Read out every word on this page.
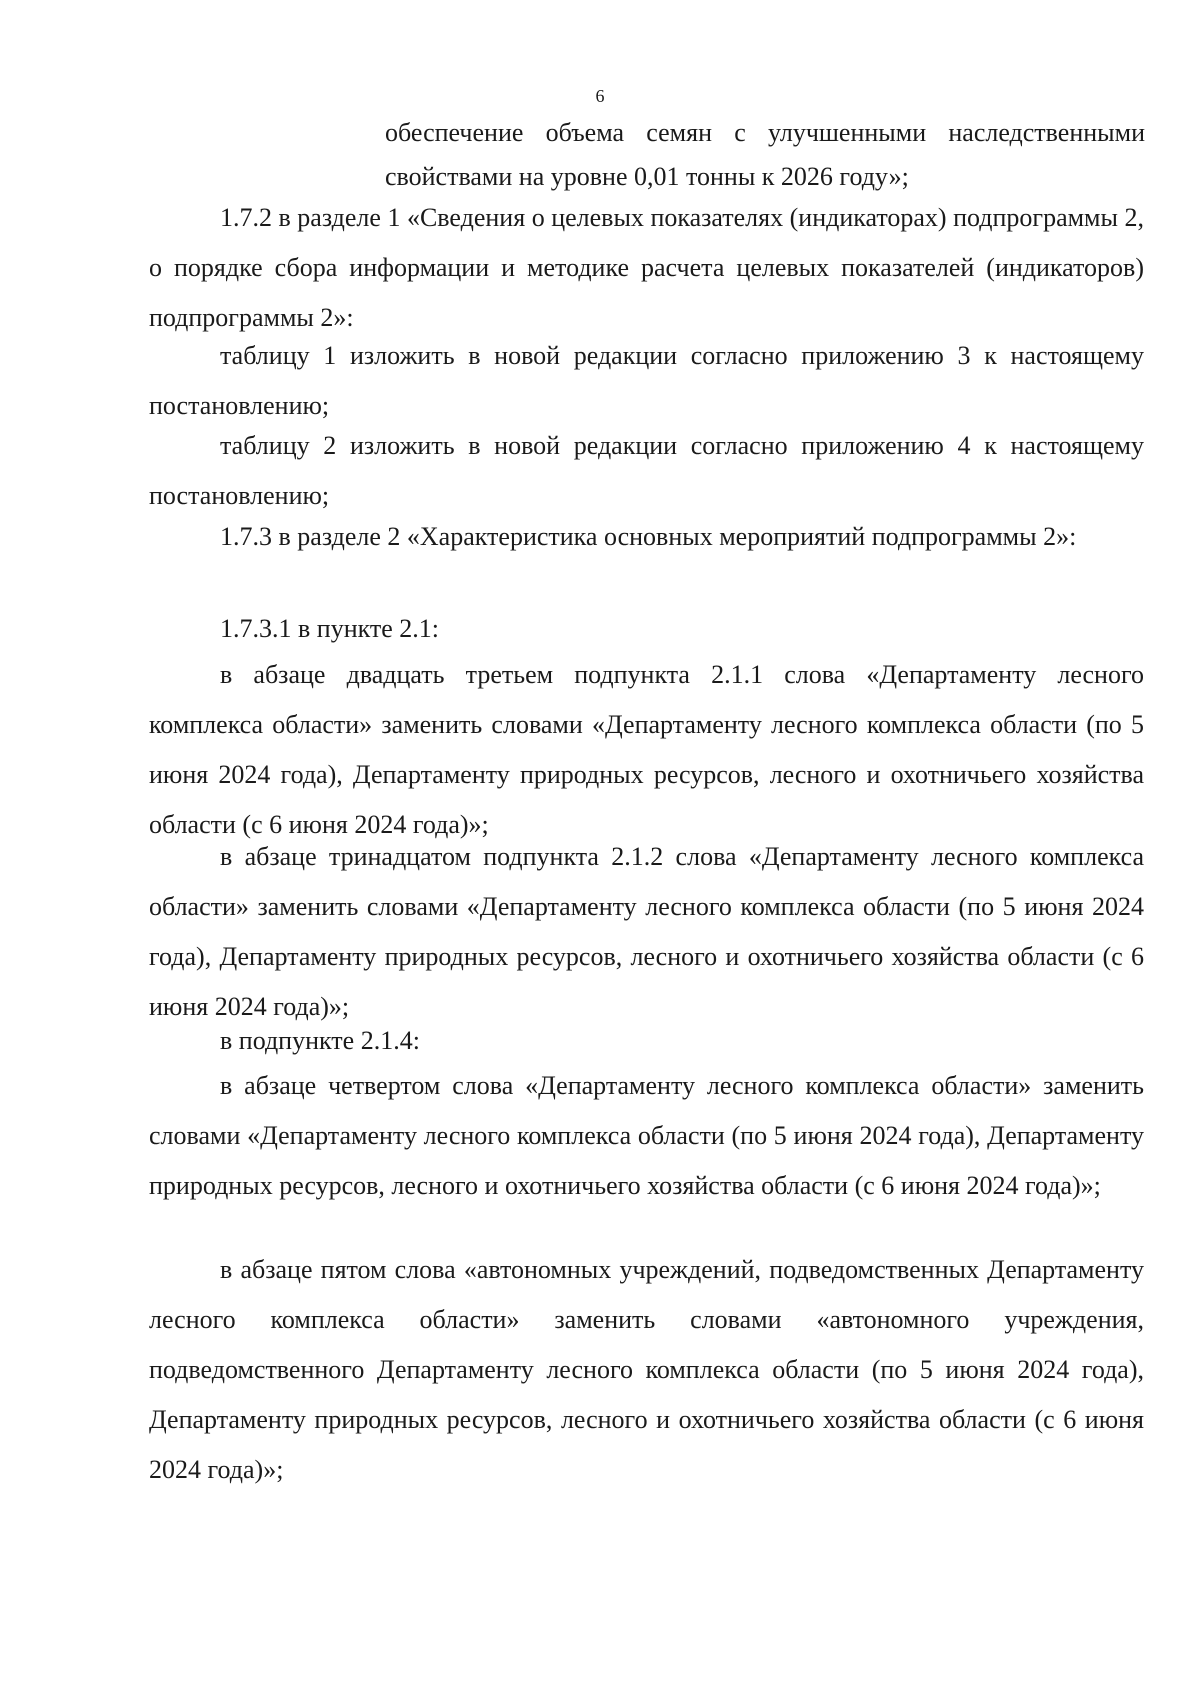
6

обеспечение объема семян с улучшенными наследственными свойствами на уровне 0,01 тонны к 2026 году»;

1.7.2 в разделе 1 «Сведения о целевых показателях (индикаторах) подпрограммы 2, о порядке сбора информации и методике расчета целевых показателей (индикаторов) подпрограммы 2»:

таблицу 1 изложить в новой редакции согласно приложению 3 к настоящему постановлению;

таблицу 2 изложить в новой редакции согласно приложению 4 к настоящему постановлению;

1.7.3 в разделе 2 «Характеристика основных мероприятий подпрограммы 2»:

1.7.3.1 в пункте 2.1:

в абзаце двадцать третьем подпункта 2.1.1 слова «Департаменту лесного комплекса области» заменить словами «Департаменту лесного комплекса области (по 5 июня 2024 года), Департаменту природных ресурсов, лесного и охотничьего хозяйства области (с 6 июня 2024 года)»;

в абзаце тринадцатом подпункта 2.1.2 слова «Департаменту лесного комплекса области» заменить словами «Департаменту лесного комплекса области (по 5 июня 2024 года), Департаменту природных ресурсов, лесного и охотничьего хозяйства области (с 6 июня 2024 года)»;

в подпункте 2.1.4:

в абзаце четвертом слова «Департаменту лесного комплекса области» заменить словами «Департаменту лесного комплекса области (по 5 июня 2024 года), Департаменту природных ресурсов, лесного и охотничьего хозяйства области (с 6 июня 2024 года)»;

в абзаце пятом слова «автономных учреждений, подведомственных Департаменту лесного комплекса области» заменить словами «автономного учреждения, подведомственного Департаменту лесного комплекса области (по 5 июня 2024 года), Департаменту природных ресурсов, лесного и охотничьего хозяйства области (с 6 июня 2024 года)»;
